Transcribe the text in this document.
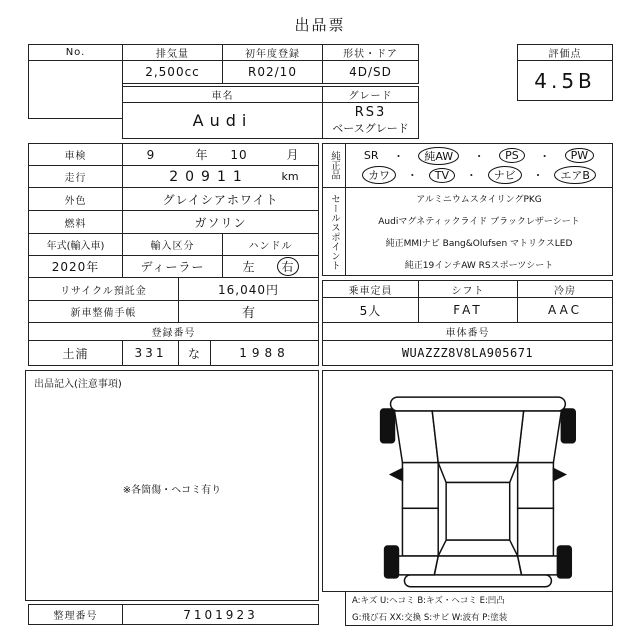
出品票
No.	排気量
2,500cc
初年度登録
R02/10
形状・ドア
4D/SD
評価点
4.5B
車名
Audi
グレード
RS3
ベースグレード
車検	9	年 10	月
走行	20911	km
外色	グレイシアホワイト
燃料	ガソリン
年式(輸入車)	輸入区分	ハンドル
2020年	ディーラー	左	右
リサイクル預託金	16,040円
新車整備手帳	有
登録番号
土浦	331 な	1988
純正品 SR ・	純AW	・	PS	・	PW
カワ	・	TV	・	ナビ	・	エアB
セールスポイント	アルミニウムスタイリングPKG
Audiマグネティックライド ブラックレザーシート
純正MMIナビ Bang&Olufsen マトリクスLED
純正19インチAW RSスポーツシート
乗車定員	シフト	冷房
5人	FAT	AAC
車体番号
WUAZZZ8V8LA905671
出品記入(注意事項)
※各箇傷・ヘコミ有り
A:キズ U:ヘコミ B:キズ・ヘコミ E:凹凸
G:飛び石 XX:交換 S:サビ W:波有 P:塗装
整理番号	7101923
